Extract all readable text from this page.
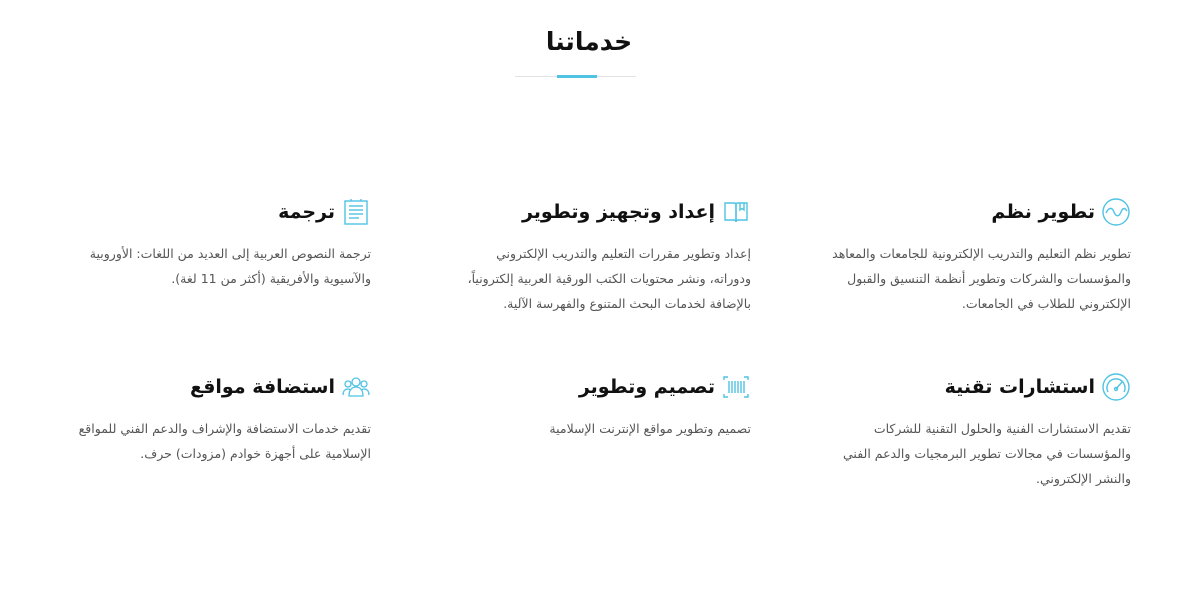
خدماتنا
تطوير نظم
تطوير نظم التعليم والتدريب الإلكترونية للجامعات والمعاهد والمؤسسات والشركات وتطوير أنظمة التنسيق والقبول الإلكتروني للطلاب في الجامعات.
إعداد وتجهيز وتطوير
إعداد وتطوير مقررات التعليم والتدريب الإلكتروني ودوراته، ونشر محتويات الكتب الورقية العربية إلكترونياً، بالإضافة لخدمات البحث المتنوع والفهرسة الآلية.
ترجمة
ترجمة النصوص العربية إلى العديد من اللغات: الأوروبية والآسيوية والأفريقية (أكثر من 11 لغة).
استشارات تقنية
تقديم الاستشارات الفنية والحلول التقنية للشركات والمؤسسات في مجالات تطوير البرمجيات والدعم الفني والنشر الإلكتروني.
تصميم وتطوير
تصميم وتطوير مواقع الإنترنت الإسلامية
استضافة مواقع
تقديم خدمات الاستضافة والإشراف والدعم الفني للمواقع الإسلامية على أجهزة خوادم (مزودات) حرف.
